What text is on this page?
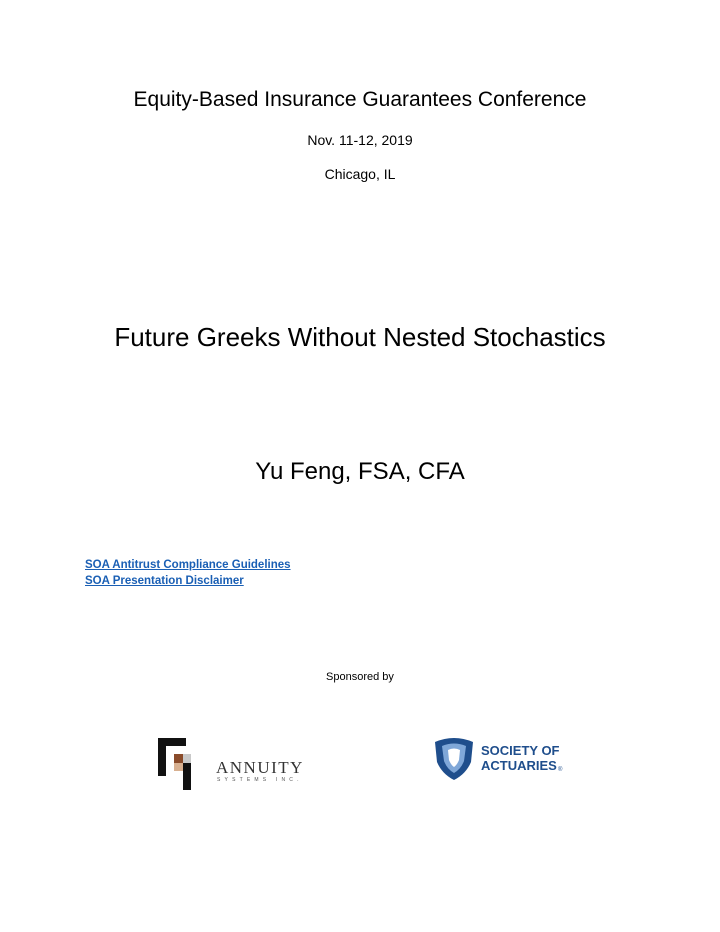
Equity-Based Insurance Guarantees Conference
Nov. 11-12, 2019
Chicago, IL
Future Greeks Without Nested Stochastics
Yu Feng, FSA, CFA
SOA Antitrust Compliance Guidelines
SOA Presentation Disclaimer
Sponsored by
ANNUITY
SYSTEMS INC.
SOCIETY OF
ACTUARIES ®
